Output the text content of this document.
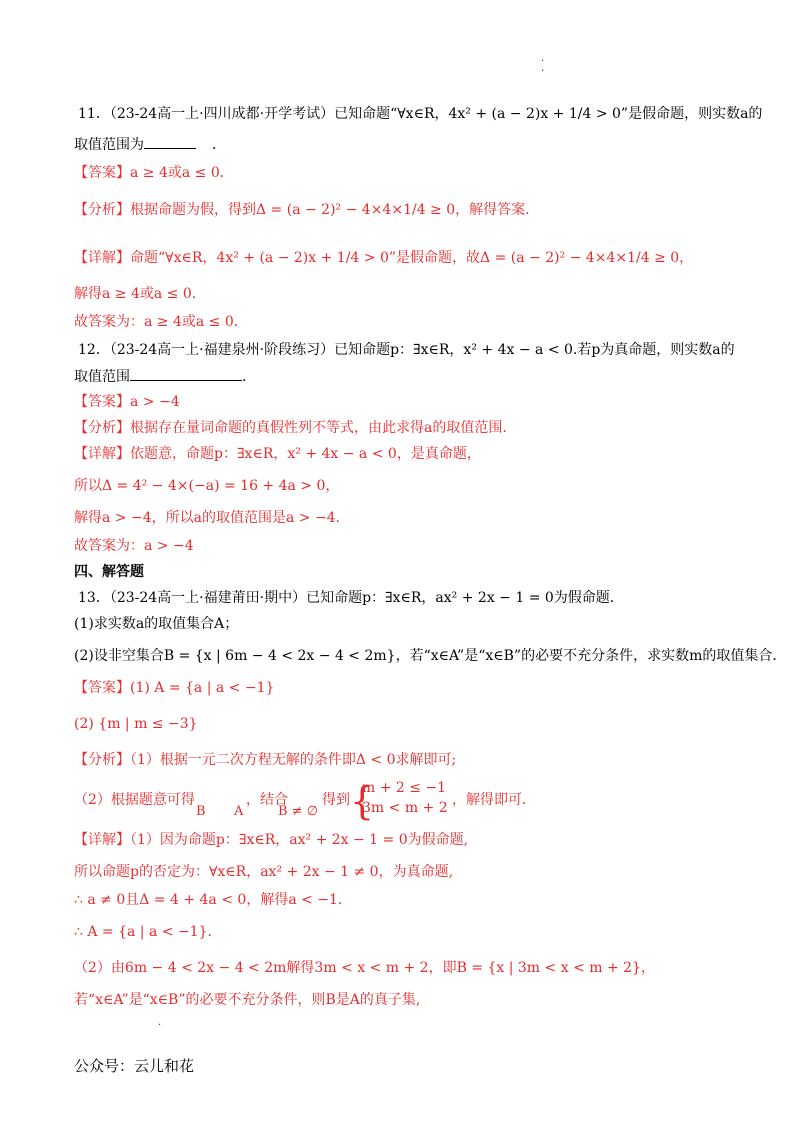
·
·
11．（23-24高一上·四川成都·开学考试）已知命题“∀x∈R，4x² + (a − 2)x + 1/4 > 0”是假命题，则实数a的
取值范围为	．
【答案】a ≥ 4或a ≤ 0．
【分析】根据命题为假，得到Δ = (a − 2)² − 4×4×1/4 ≥ 0，解得答案.
【详解】命题“∀x∈R，4x² + (a − 2)x + 1/4 > 0”是假命题，故Δ = (a − 2)² − 4×4×1/4 ≥ 0，
解得a ≥ 4或a ≤ 0．
故答案为：a ≥ 4或a ≤ 0．
12．（23-24高一上·福建泉州·阶段练习）已知命题p：∃x∈R，x² + 4x − a < 0.若p为真命题，则实数a的
取值范围	.
【答案】a > −4
【分析】根据存在量词命题的真假性列不等式，由此求得a的取值范围.
【详解】依题意，命题p：∃x∈R，x² + 4x − a < 0，是真命题，
所以Δ = 4² − 4×(−a) = 16 + 4a > 0，
解得a > −4，所以a的取值范围是a > −4．
故答案为：a > −4
四、解答题
13．（23-24高一上·福建莆田·期中）已知命题p：∃x∈R，ax² + 2x − 1 = 0为假命题．
(1)求实数a的取值集合A；
(2)设非空集合B = {x | 6m − 4 < 2x − 4 < 2m}，若“x∈A”是“x∈B”的必要不充分条件，求实数m的取值集合．
【答案】(1) A = {a | a < −1}
(2) {m | m ≤ −3}
【分析】（1）根据一元二次方程无解的条件即Δ < 0求解即可;
（2）根据题意可得
B A
，结合
B ≠ ∅
得到
{ m + 2 ≤ −1
3m < m + 2 ，解得即可．
【详解】（1）因为命题p：∃x∈R，ax² + 2x − 1 = 0为假命题,
所以命题p的否定为：∀x∈R，ax² + 2x − 1 ≠ 0，为真命题,
∴ a ≠ 0且Δ = 4 + 4a < 0，解得a < −1．
∴ A = {a | a < −1}．
（2）由6m − 4 < 2x − 4 < 2m解得3m < x < m + 2，即B = {x | 3m < x < m + 2}，
若“x∈A”是“x∈B”的必要不充分条件，则B是A的真子集,
·
公众号：云儿和花
